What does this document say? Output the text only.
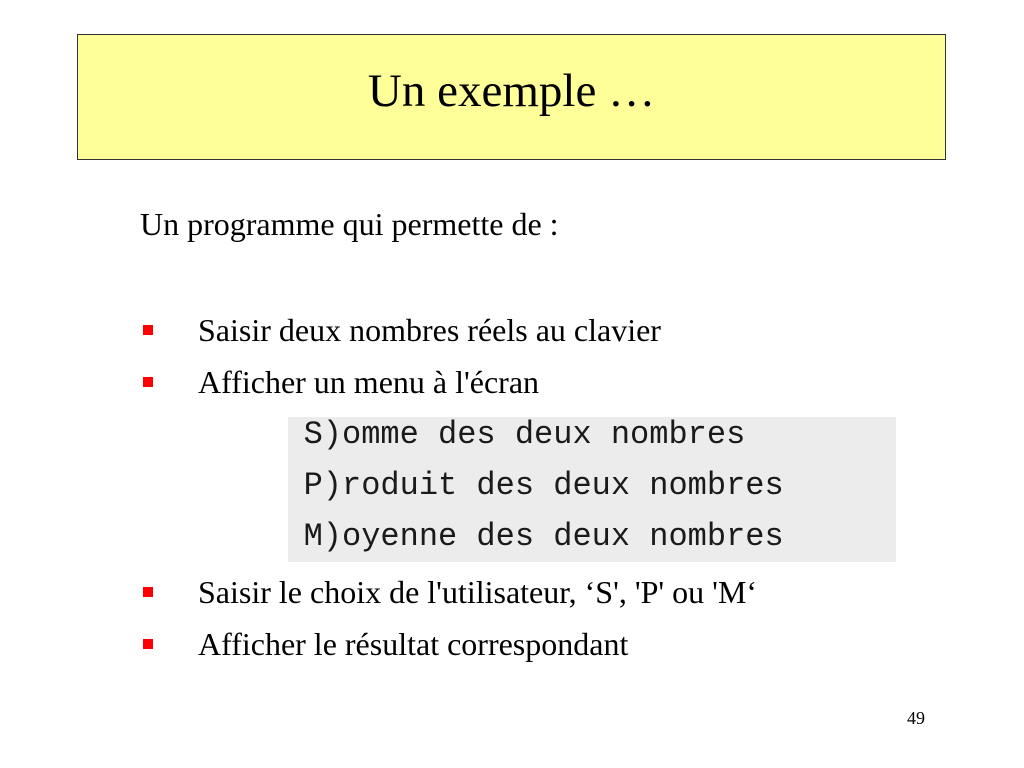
Un exemple …
Un programme qui permette de :
Saisir deux nombres réels au clavier
Afficher un menu à l'écran
S)omme des deux nombres
P)roduit des deux nombres
M)oyenne des deux nombres
Saisir le choix de l'utilisateur, ‘S', 'P' ou 'M‘
Afficher le résultat correspondant
49
